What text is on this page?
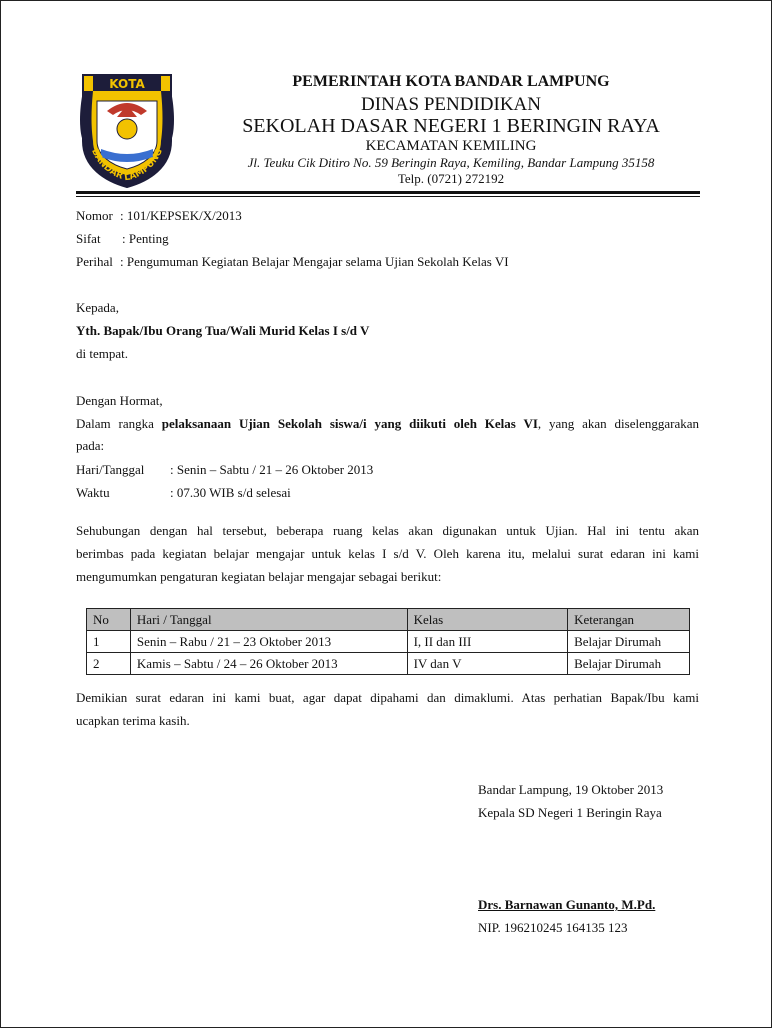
KOTA
BANDAR LAMPUNG
PEMERINTAH KOTA BANDAR LAMPUNG
DINAS PENDIDIKAN
SEKOLAH DASAR NEGERI 1 BERINGIN RAYA
KECAMATAN KEMILING
Jl. Teuku Cik Ditiro No. 59 Beringin Raya, Kemiling, Bandar Lampung 35158
Telp. (0721) 272192
Nomor : 101/KEPSEK/X/2013
Sifat : Penting
Perihal : Pengumuman Kegiatan Belajar Mengajar selama Ujian Sekolah Kelas VI
Kepada,
Yth. Bapak/Ibu Orang Tua/Wali Murid Kelas I s/d V
di tempat.
Dengan Hormat,
Dalam rangka pelaksanaan Ujian Sekolah siswa/i yang diikuti oleh Kelas VI, yang akan diselenggarakan
pada:
Hari/Tanggal : Senin – Sabtu / 21 – 26 Oktober 2013
Waktu	: 07.30 WIB s/d selesai
Sehubungan dengan hal tersebut, beberapa ruang kelas akan digunakan untuk Ujian. Hal ini tentu akan
berimbas pada kegiatan belajar mengajar untuk kelas I s/d V. Oleh karena itu, melalui surat edaran ini kami
mengumumkan pengaturan kegiatan belajar mengajar sebagai berikut:
No	Hari / Tanggal	Kelas	Keterangan
1	Senin – Rabu / 21 – 23 Oktober 2013	I, II dan III	Belajar Dirumah
2	Kamis – Sabtu / 24 – 26 Oktober 2013	IV dan V	Belajar Dirumah
Demikian surat edaran ini kami buat, agar dapat dipahami dan dimaklumi. Atas perhatian Bapak/Ibu kami
ucapkan terima kasih.
Bandar Lampung, 19 Oktober 2013
Kepala SD Negeri 1 Beringin Raya
Drs. Barnawan Gunanto, M.Pd.
NIP. 196210245 164135 123
